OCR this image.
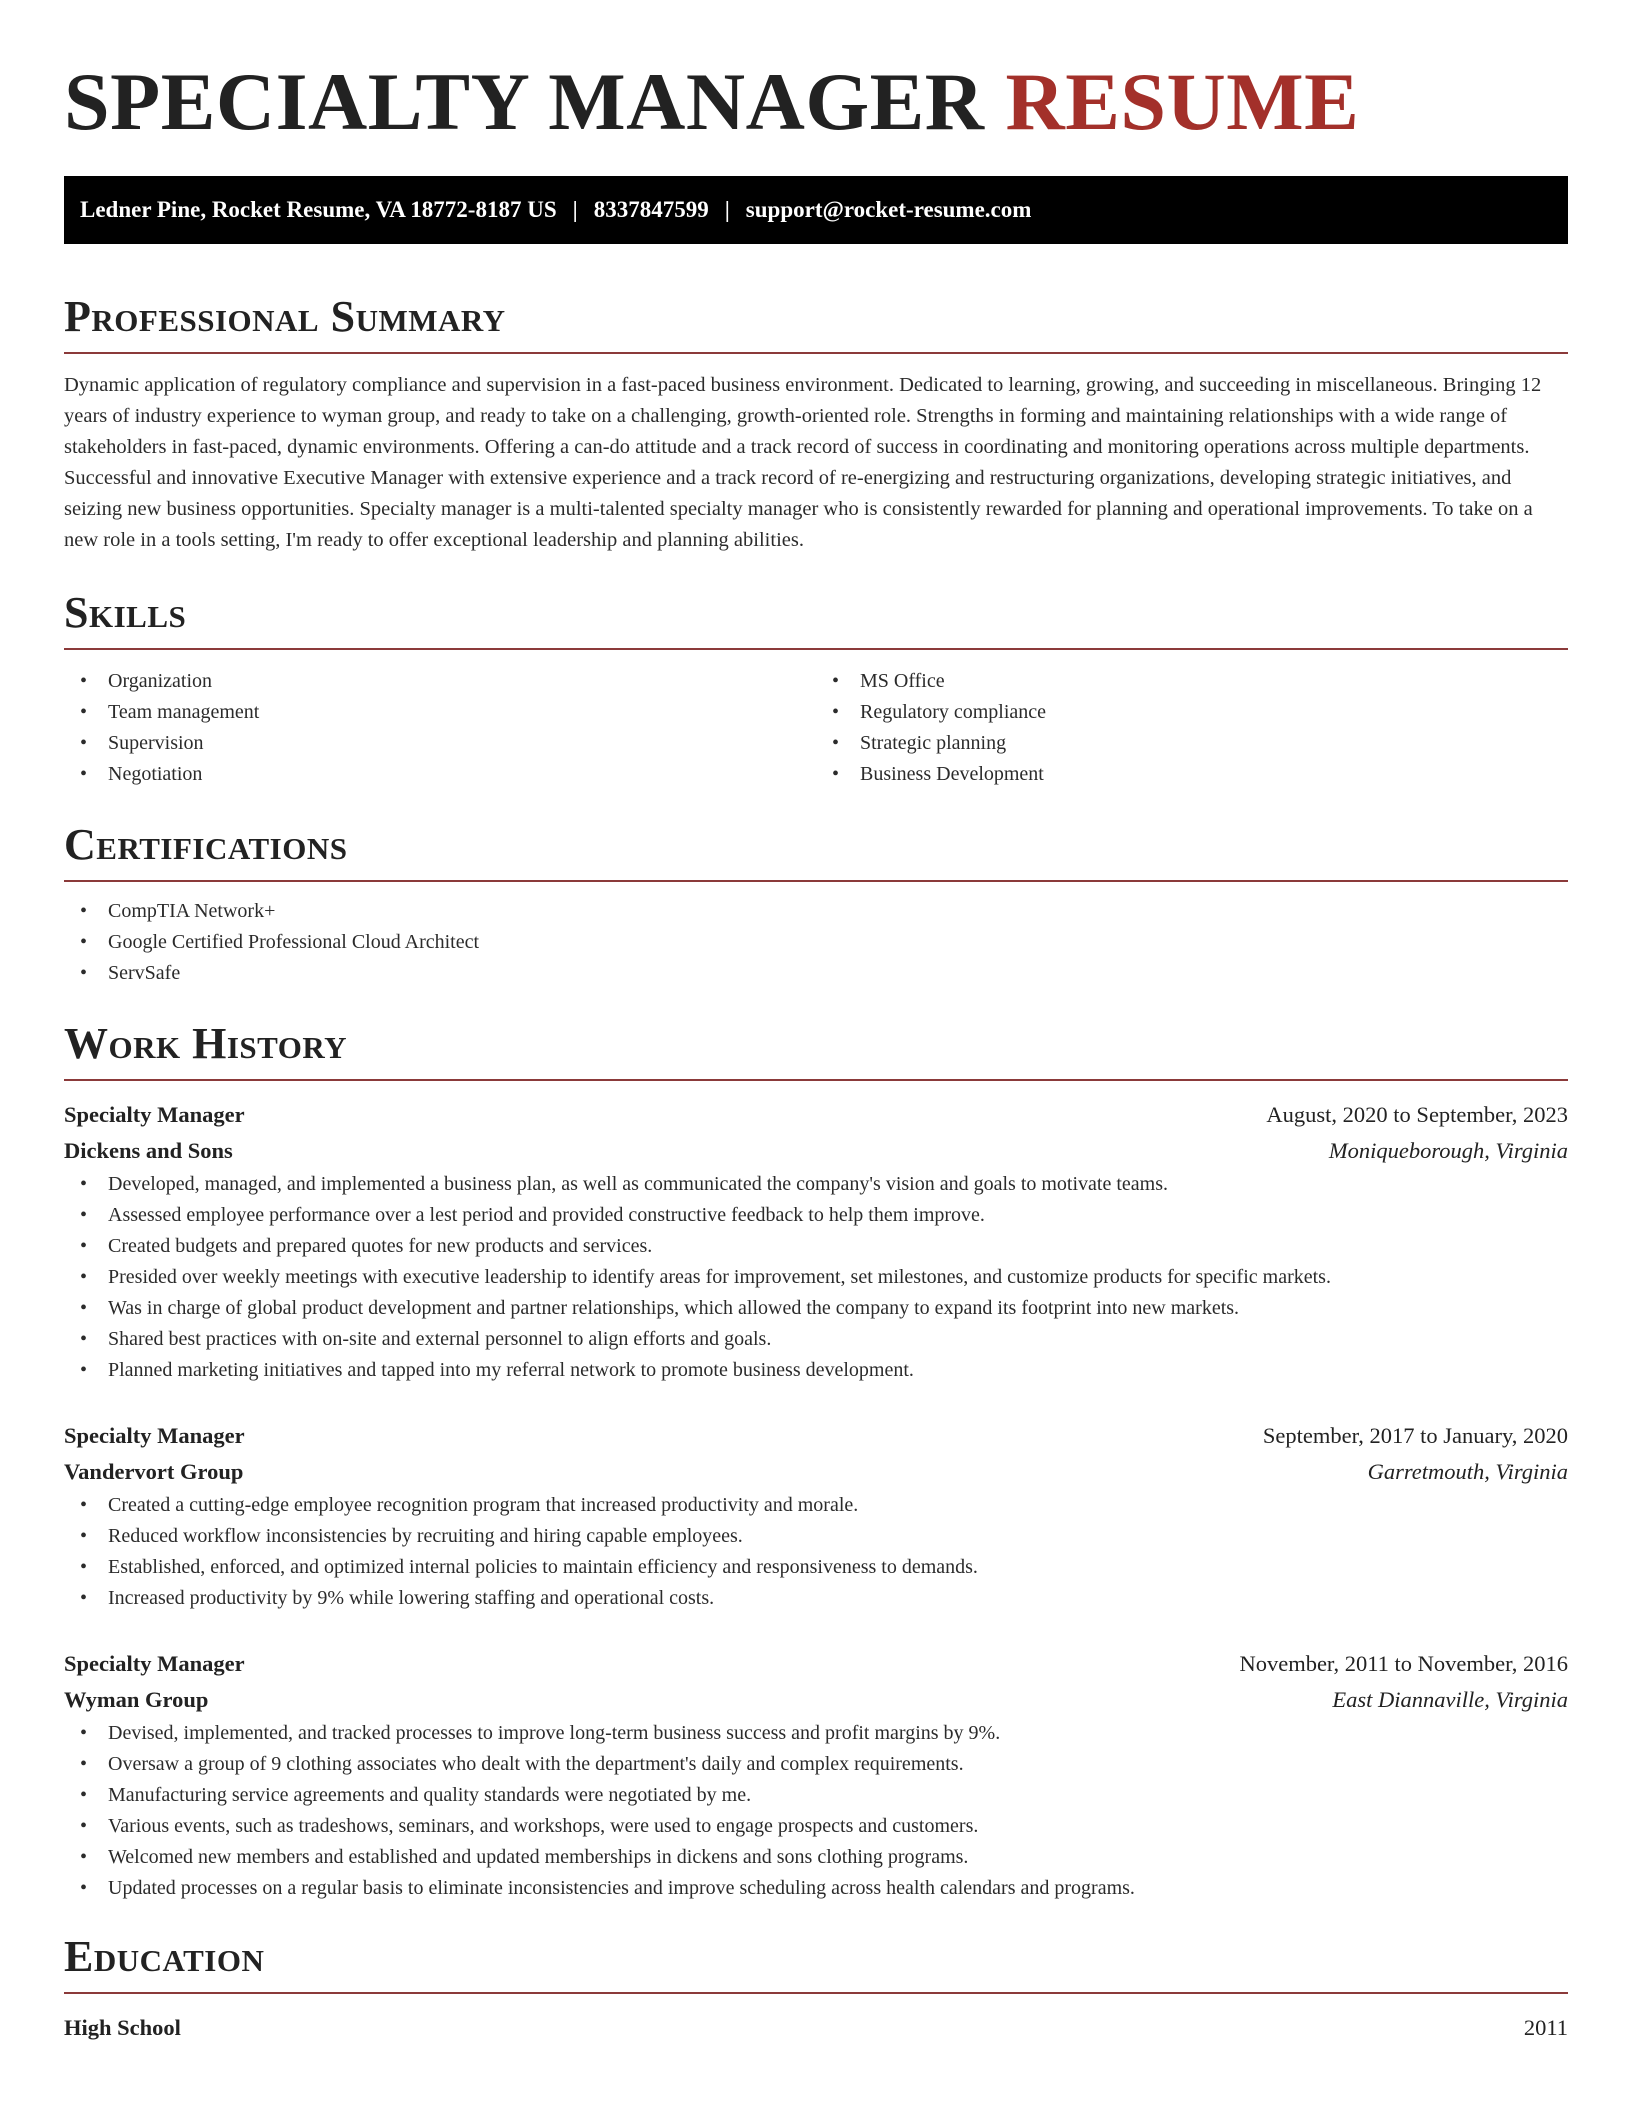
SPECIALTY MANAGER RESUME
Ledner Pine, Rocket Resume, VA 18772-8187 US | 8337847599 | support@rocket-resume.com
Professional Summary

Dynamic application of regulatory compliance and supervision in a fast-paced business environment. Dedicated to learning, growing, and succeeding in miscellaneous. Bringing 12 years of industry experience to wyman group, and ready to take on a challenging, growth-oriented role. Strengths in forming and maintaining relationships with a wide range of stakeholders in fast-paced, dynamic environments. Offering a can-do attitude and a track record of success in coordinating and monitoring operations across multiple departments. Successful and innovative Executive Manager with extensive experience and a track record of re-energizing and restructuring organizations, developing strategic initiatives, and seizing new business opportunities. Specialty manager is a multi-talented specialty manager who is consistently rewarded for planning and operational improvements. To take on a new role in a tools setting, I'm ready to offer exceptional leadership and planning abilities.

Skills
• Organization
• Team management
• Supervision
• Negotiation
• MS Office
• Regulatory compliance
• Strategic planning
• Business Development
Certifications
• CompTIA Network+
• Google Certified Professional Cloud Architect
• ServSafe
Work History
Specialty Manager	August, 2020 to September, 2023
Dickens and Sons	Moniqueborough, Virginia
• Developed, managed, and implemented a business plan, as well as communicated the company's vision and goals to motivate teams.
• Assessed employee performance over a lest period and provided constructive feedback to help them improve.
• Created budgets and prepared quotes for new products and services.
• Presided over weekly meetings with executive leadership to identify areas for improvement, set milestones, and customize products for specific markets.
• Was in charge of global product development and partner relationships, which allowed the company to expand its footprint into new markets.
• Shared best practices with on-site and external personnel to align efforts and goals.
• Planned marketing initiatives and tapped into my referral network to promote business development.
Specialty Manager	September, 2017 to January, 2020
Vandervort Group	Garretmouth, Virginia
• Created a cutting-edge employee recognition program that increased productivity and morale.
• Reduced workflow inconsistencies by recruiting and hiring capable employees.
• Established, enforced, and optimized internal policies to maintain efficiency and responsiveness to demands.
• Increased productivity by 9% while lowering staffing and operational costs.
Specialty Manager	November, 2011 to November, 2016
Wyman Group	East Diannaville, Virginia
• Devised, implemented, and tracked processes to improve long-term business success and profit margins by 9%.
• Oversaw a group of 9 clothing associates who dealt with the department's daily and complex requirements.
• Manufacturing service agreements and quality standards were negotiated by me.
• Various events, such as tradeshows, seminars, and workshops, were used to engage prospects and customers.
• Welcomed new members and established and updated memberships in dickens and sons clothing programs.
• Updated processes on a regular basis to eliminate inconsistencies and improve scheduling across health calendars and programs.
Education
High School	2011
